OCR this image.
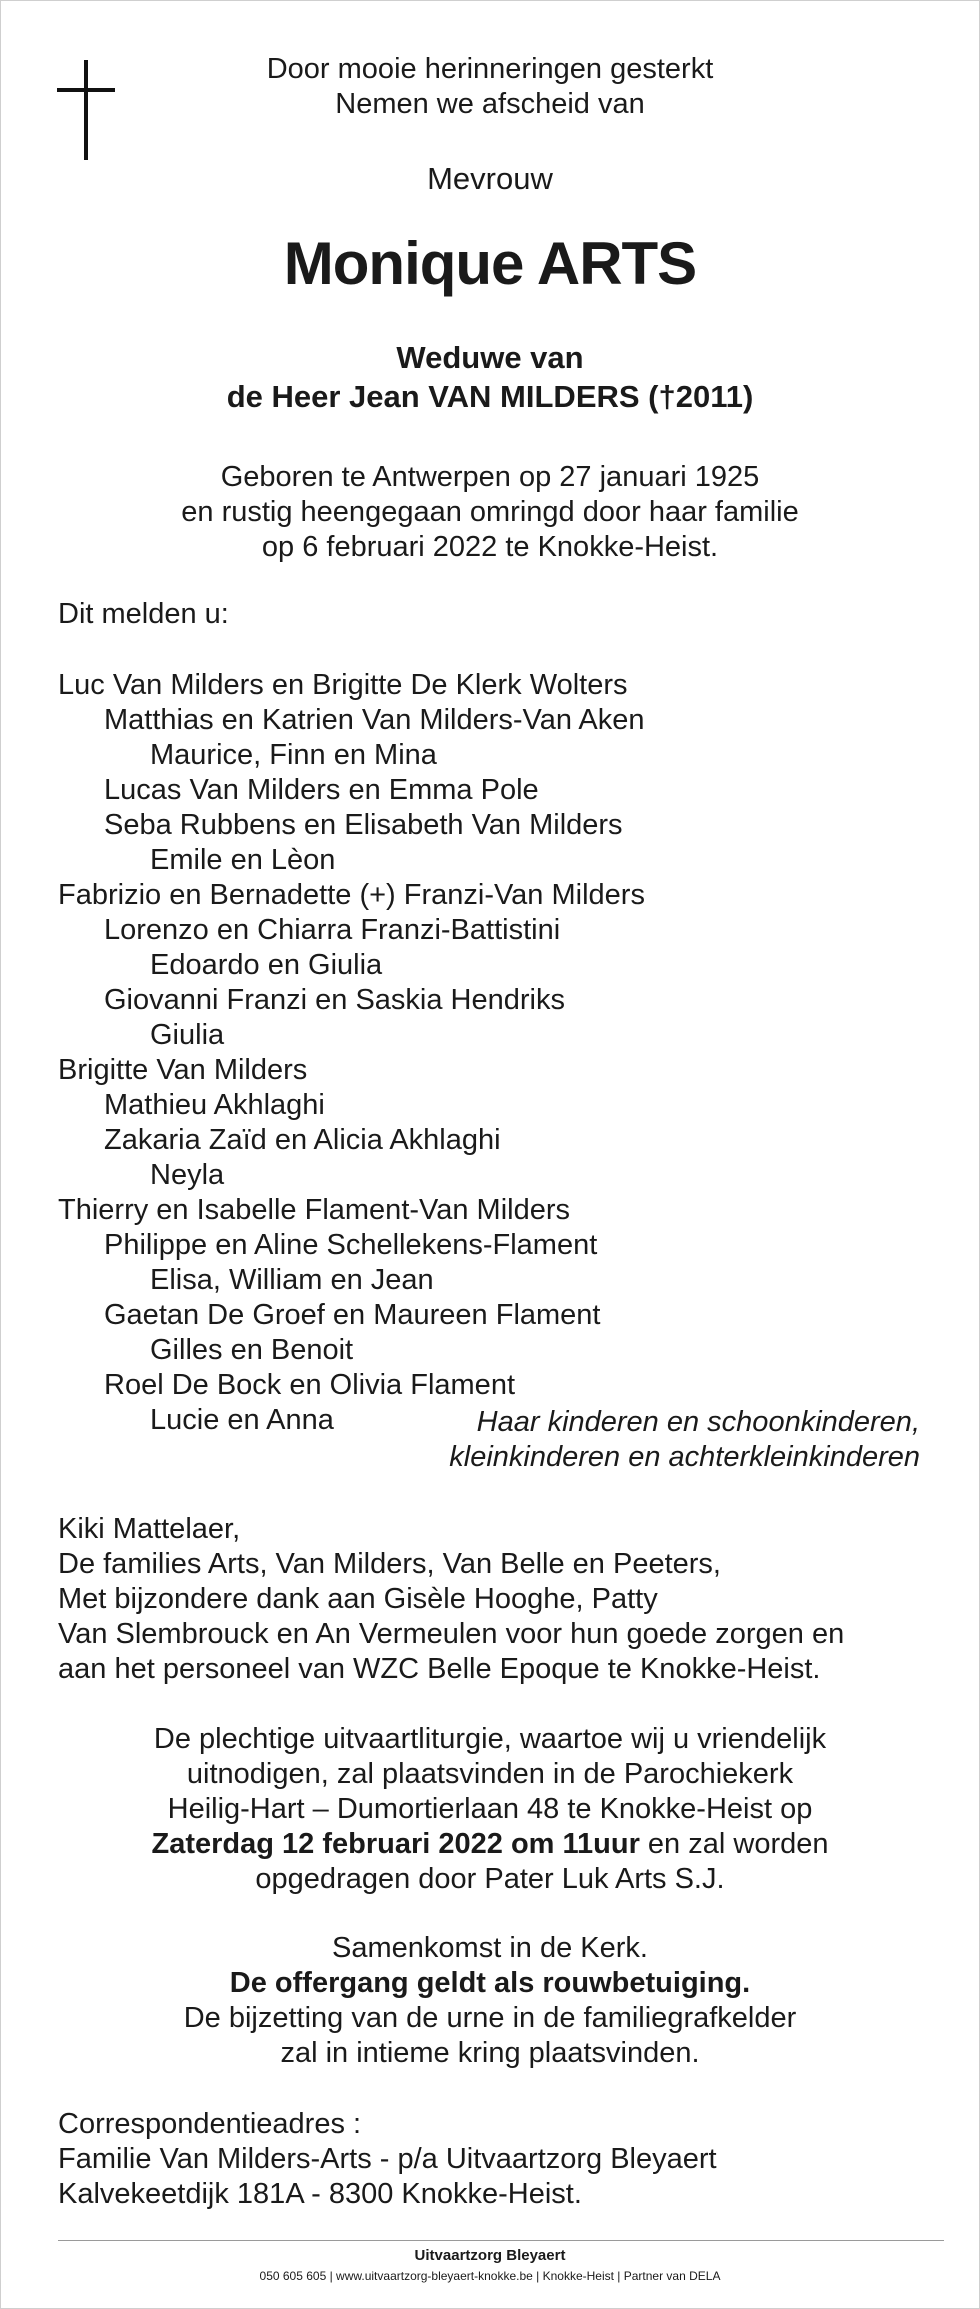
Door mooie herinneringen gesterkt
Nemen we afscheid van
Mevrouw
Monique ARTS
Weduwe van
de Heer Jean VAN MILDERS (†2011)
Geboren te Antwerpen op 27 januari 1925
en rustig heengegaan omringd door haar familie
op 6 februari 2022 te Knokke-Heist.
Dit melden u:
Luc Van Milders en Brigitte De Klerk Wolters
Matthias en Katrien Van Milders-Van Aken
Maurice, Finn en Mina
Lucas Van Milders en Emma Pole
Seba Rubbens en Elisabeth Van Milders
Emile en Lèon
Fabrizio en Bernadette (+) Franzi-Van Milders
Lorenzo en Chiarra Franzi-Battistini
Edoardo en Giulia
Giovanni Franzi en Saskia Hendriks
Giulia
Brigitte Van Milders
Mathieu Akhlaghi
Zakaria Zaïd en Alicia Akhlaghi
Neyla
Thierry en Isabelle Flament-Van Milders
Philippe en Aline Schellekens-Flament
Elisa, William en Jean
Gaetan De Groef en Maureen Flament
Gilles en Benoit
Roel De Bock en Olivia Flament
Lucie en Anna	Haar kinderen en schoonkinderen,
kleinkinderen en achterkleinkinderen
Kiki Mattelaer,
De families Arts, Van Milders, Van Belle en Peeters,
Met bijzondere dank aan Gisèle Hooghe, Patty
Van Slembrouck en An Vermeulen voor hun goede zorgen en
aan het personeel van WZC Belle Epoque te Knokke-Heist.
De plechtige uitvaartliturgie, waartoe wij u vriendelijk
uitnodigen, zal plaatsvinden in de Parochiekerk
Heilig-Hart – Dumortierlaan 48 te Knokke-Heist op
Zaterdag 12 februari 2022 om 11uur en zal worden
opgedragen door Pater Luk Arts S.J.
Samenkomst in de Kerk.
De offergang geldt als rouwbetuiging.
De bijzetting van de urne in de familiegrafkelder
zal in intieme kring plaatsvinden.
Correspondentieadres :
Familie Van Milders-Arts - p/a Uitvaartzorg Bleyaert
Kalvekeetdijk 181A - 8300 Knokke-Heist.
Uitvaartzorg Bleyaert
050 605 605 | www.uitvaartzorg-bleyaert-knokke.be | Knokke-Heist | Partner van DELA
